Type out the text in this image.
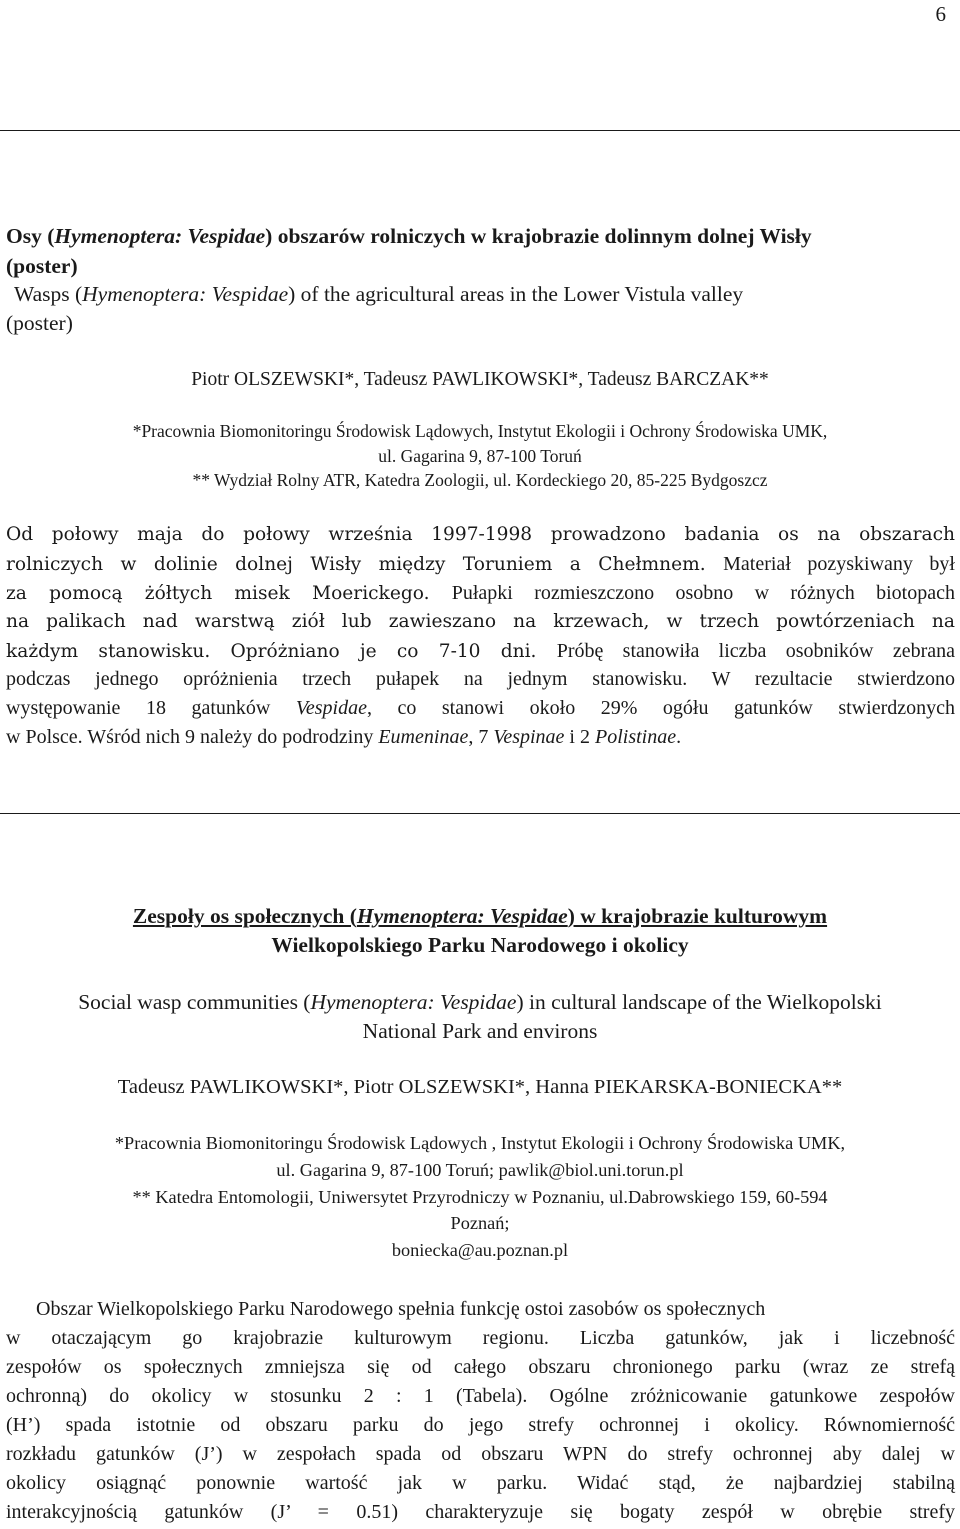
6
Osy (Hymenoptera: Vespidae) obszarów rolniczych w krajobrazie dolinnym dolnej Wisły
(poster)
Wasps (Hymenoptera: Vespidae) of the agricultural areas in the Lower Vistula valley
(poster)
Piotr OLSZEWSKI*, Tadeusz PAWLIKOWSKI*, Tadeusz BARCZAK**
*Pracownia Biomonitoringu Środowisk Lądowych, Instytut Ekologii i Ochrony Środowiska UMK,
ul. Gagarina 9, 87-100 Toruń
** Wydział Rolny ATR, Katedra Zoologii, ul. Kordeckiego 20, 85-225 Bydgoszcz
Od połowy maja do połowy września 1997-1998 prowadzono badania os na obszarach
rolniczych w dolinie dolnej Wisły między Toruniem a Chełmnem. Materiał pozyskiwany był
za pomocą żółtych misek Moerickego. Pułapki rozmieszczono osobno w różnych biotopach
na palikach nad warstwą ziół lub zawieszano na krzewach, w trzech powtórzeniach na
każdym stanowisku. Opróżniano je co 7-10 dni. Próbę stanowiła liczba osobników zebrana
podczas jednego opróżnienia trzech pułapek na jednym stanowisku. W rezultacie stwierdzono
występowanie 18 gatunków Vespidae, co stanowi około 29% ogółu gatunków stwierdzonych
w Polsce. Wśród nich 9 należy do podrodziny Eumeninae, 7 Vespinae i 2 Polistinae.
Zespoły os społecznych (Hymenoptera: Vespidae) w krajobrazie kulturowym
Wielkopolskiego Parku Narodowego i okolicy
Social wasp communities (Hymenoptera: Vespidae) in cultural landscape of the Wielkopolski
National Park and environs
Tadeusz PAWLIKOWSKI*, Piotr OLSZEWSKI*, Hanna PIEKARSKA-BONIECKA**
*Pracownia Biomonitoringu Środowisk Lądowych , Instytut Ekologii i Ochrony Środowiska UMK,
ul. Gagarina 9, 87-100 Toruń; pawlik@biol.uni.torun.pl
** Katedra Entomologii, Uniwersytet Przyrodniczy w Poznaniu, ul.Dabrowskiego 159, 60-594
Poznań;
boniecka@au.poznan.pl
Obszar Wielkopolskiego Parku Narodowego spełnia funkcję ostoi zasobów os społecznych
w otaczającym go krajobrazie kulturowym regionu. Liczba gatunków, jak i liczebność
zespołów os społecznych zmniejsza się od całego obszaru chronionego parku (wraz ze strefą
ochronną) do okolicy w stosunku 2 : 1 (Tabela). Ogólne zróżnicowanie gatunkowe zespołów
(H’) spada istotnie od obszaru parku do jego strefy ochronnej i okolicy. Równomierność
rozkładu gatunków (J’) w zespołach spada od obszaru WPN do strefy ochronnej aby dalej w
okolicy osiągnąć ponownie wartość jak w parku. Widać stąd, że najbardziej stabilną
interakcyjnością gatunków (J’ = 0.51) charakteryzuje się bogaty zespół w obrębie strefy
